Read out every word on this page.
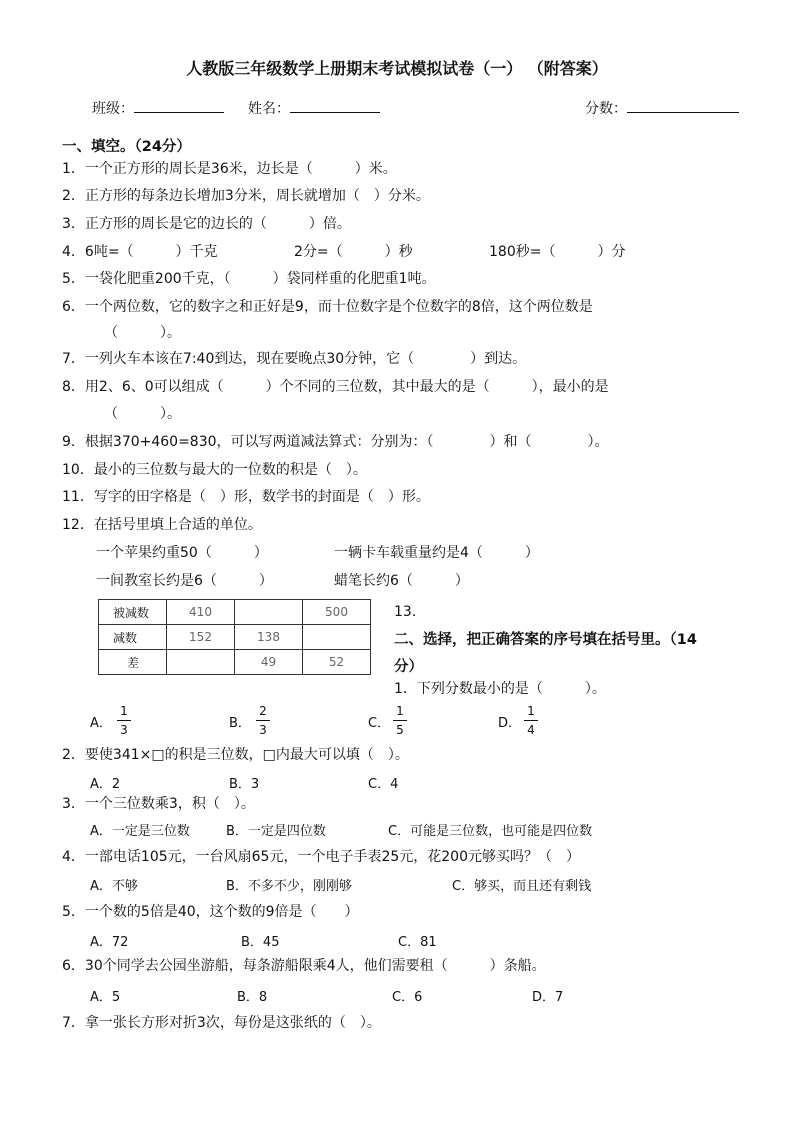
人教版三年级数学上册期末考试模拟试卷（一） （附答案）
班级：	姓名：	分数：
一、填空。（24分）
1．一个正方形的周长是36米，边长是（　　　）米。
2．正方形的每条边长增加3分米，周长就增加（　）分米。
3．正方形的周长是它的边长的（　　　）倍。
4．6吨=（　　　）千克	2分=（　　　）秒	180秒=（　　　）分
5．一袋化肥重200千克，（　　　）袋同样重的化肥重1吨。
6．一个两位数，它的数字之和正好是9，而十位数字是个位数字的8倍，这个两位数是
（　　　）。
7．一列火车本该在7:40到达，现在要晚点30分钟，它（　　　　）到达。
8．用2、6、0可以组成（　　　）个不同的三位数，其中最大的是（　　　），最小的是
（　　　）。
9．根据370+460=830，可以写两道减法算式：分别为：（　　　　）和（　　　　）。
10．最小的三位数与最大的一位数的积是（　）。
11．写字的田字格是（　）形，数学书的封面是（　）形。
12．在括号里填上合适的单位。
一个苹果约重50（　　　）	一辆卡车载重量约是4（　　　）
一间教室长约是6（　　　）	蜡笔长约6（　　　）
被减数	410		500
减数	152	138	
差		49	52
13.
二、选择，把正确答案的序号填在括号里。（14
分）
1．下列分数最小的是（　　　）。
A．
1
3	B．
2
3	C．
1
5	D．
1
4
2．要使341×□的积是三位数，□内最大可以填（　）。
A．2	B．3	C．4
3．一个三位数乘3，积（　）。
A．一定是三位数	B．一定是四位数	C．可能是三位数，也可能是四位数
4．一部电话105元，一台风扇65元，一个电子手表25元，花200元够买吗？（　）
A．不够	B．不多不少，刚刚够	C．够买，而且还有剩钱
5．一个数的5倍是40，这个数的9倍是（　　）
A．72	B．45	C．81
6．30个同学去公园坐游船，每条游船限乘4人，他们需要租（　　　）条船。
A．5	B．8	C．6	D．7
7．拿一张长方形对折3次，每份是这张纸的（　）。
